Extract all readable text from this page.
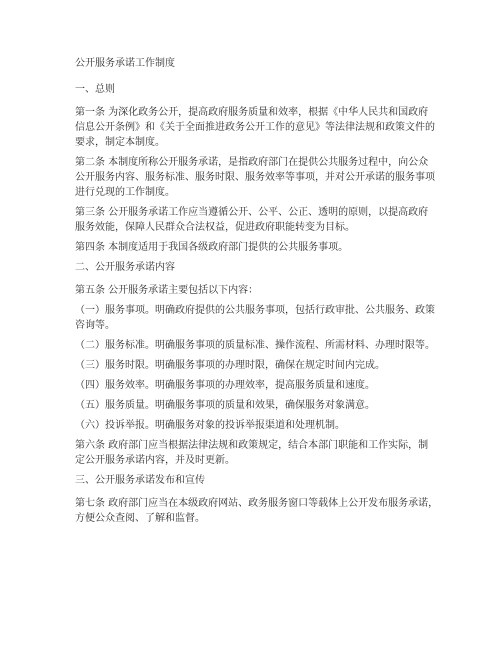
公开服务承诺工作制度
一、总则
第一条 为深化政务公开，提高政府服务质量和效率，根据《中华人民共和国政府
信息公开条例》和《关于全面推进政务公开工作的意见》等法律法规和政策文件的
要求，制定本制度。
第二条 本制度所称公开服务承诺，是指政府部门在提供公共服务过程中，向公众
公开服务内容、服务标准、服务时限、服务效率等事项，并对公开承诺的服务事项
进行兑现的工作制度。
第三条 公开服务承诺工作应当遵循公开、公平、公正、透明的原则，以提高政府
服务效能，保障人民群众合法权益，促进政府职能转变为目标。
第四条 本制度适用于我国各级政府部门提供的公共服务事项。
二、公开服务承诺内容
第五条 公开服务承诺主要包括以下内容：
（一）服务事项。明确政府提供的公共服务事项，包括行政审批、公共服务、政策
咨询等。
（二）服务标准。明确服务事项的质量标准、操作流程、所需材料、办理时限等。
（三）服务时限。明确服务事项的办理时限，确保在规定时间内完成。
（四）服务效率。明确服务事项的办理效率，提高服务质量和速度。
（五）服务质量。明确服务事项的质量和效果，确保服务对象满意。
（六）投诉举报。明确服务对象的投诉举报渠道和处理机制。
第六条 政府部门应当根据法律法规和政策规定，结合本部门职能和工作实际，制
定公开服务承诺内容，并及时更新。
三、公开服务承诺发布和宣传
第七条 政府部门应当在本级政府网站、政务服务窗口等载体上公开发布服务承诺，
方便公众查阅、了解和监督。
